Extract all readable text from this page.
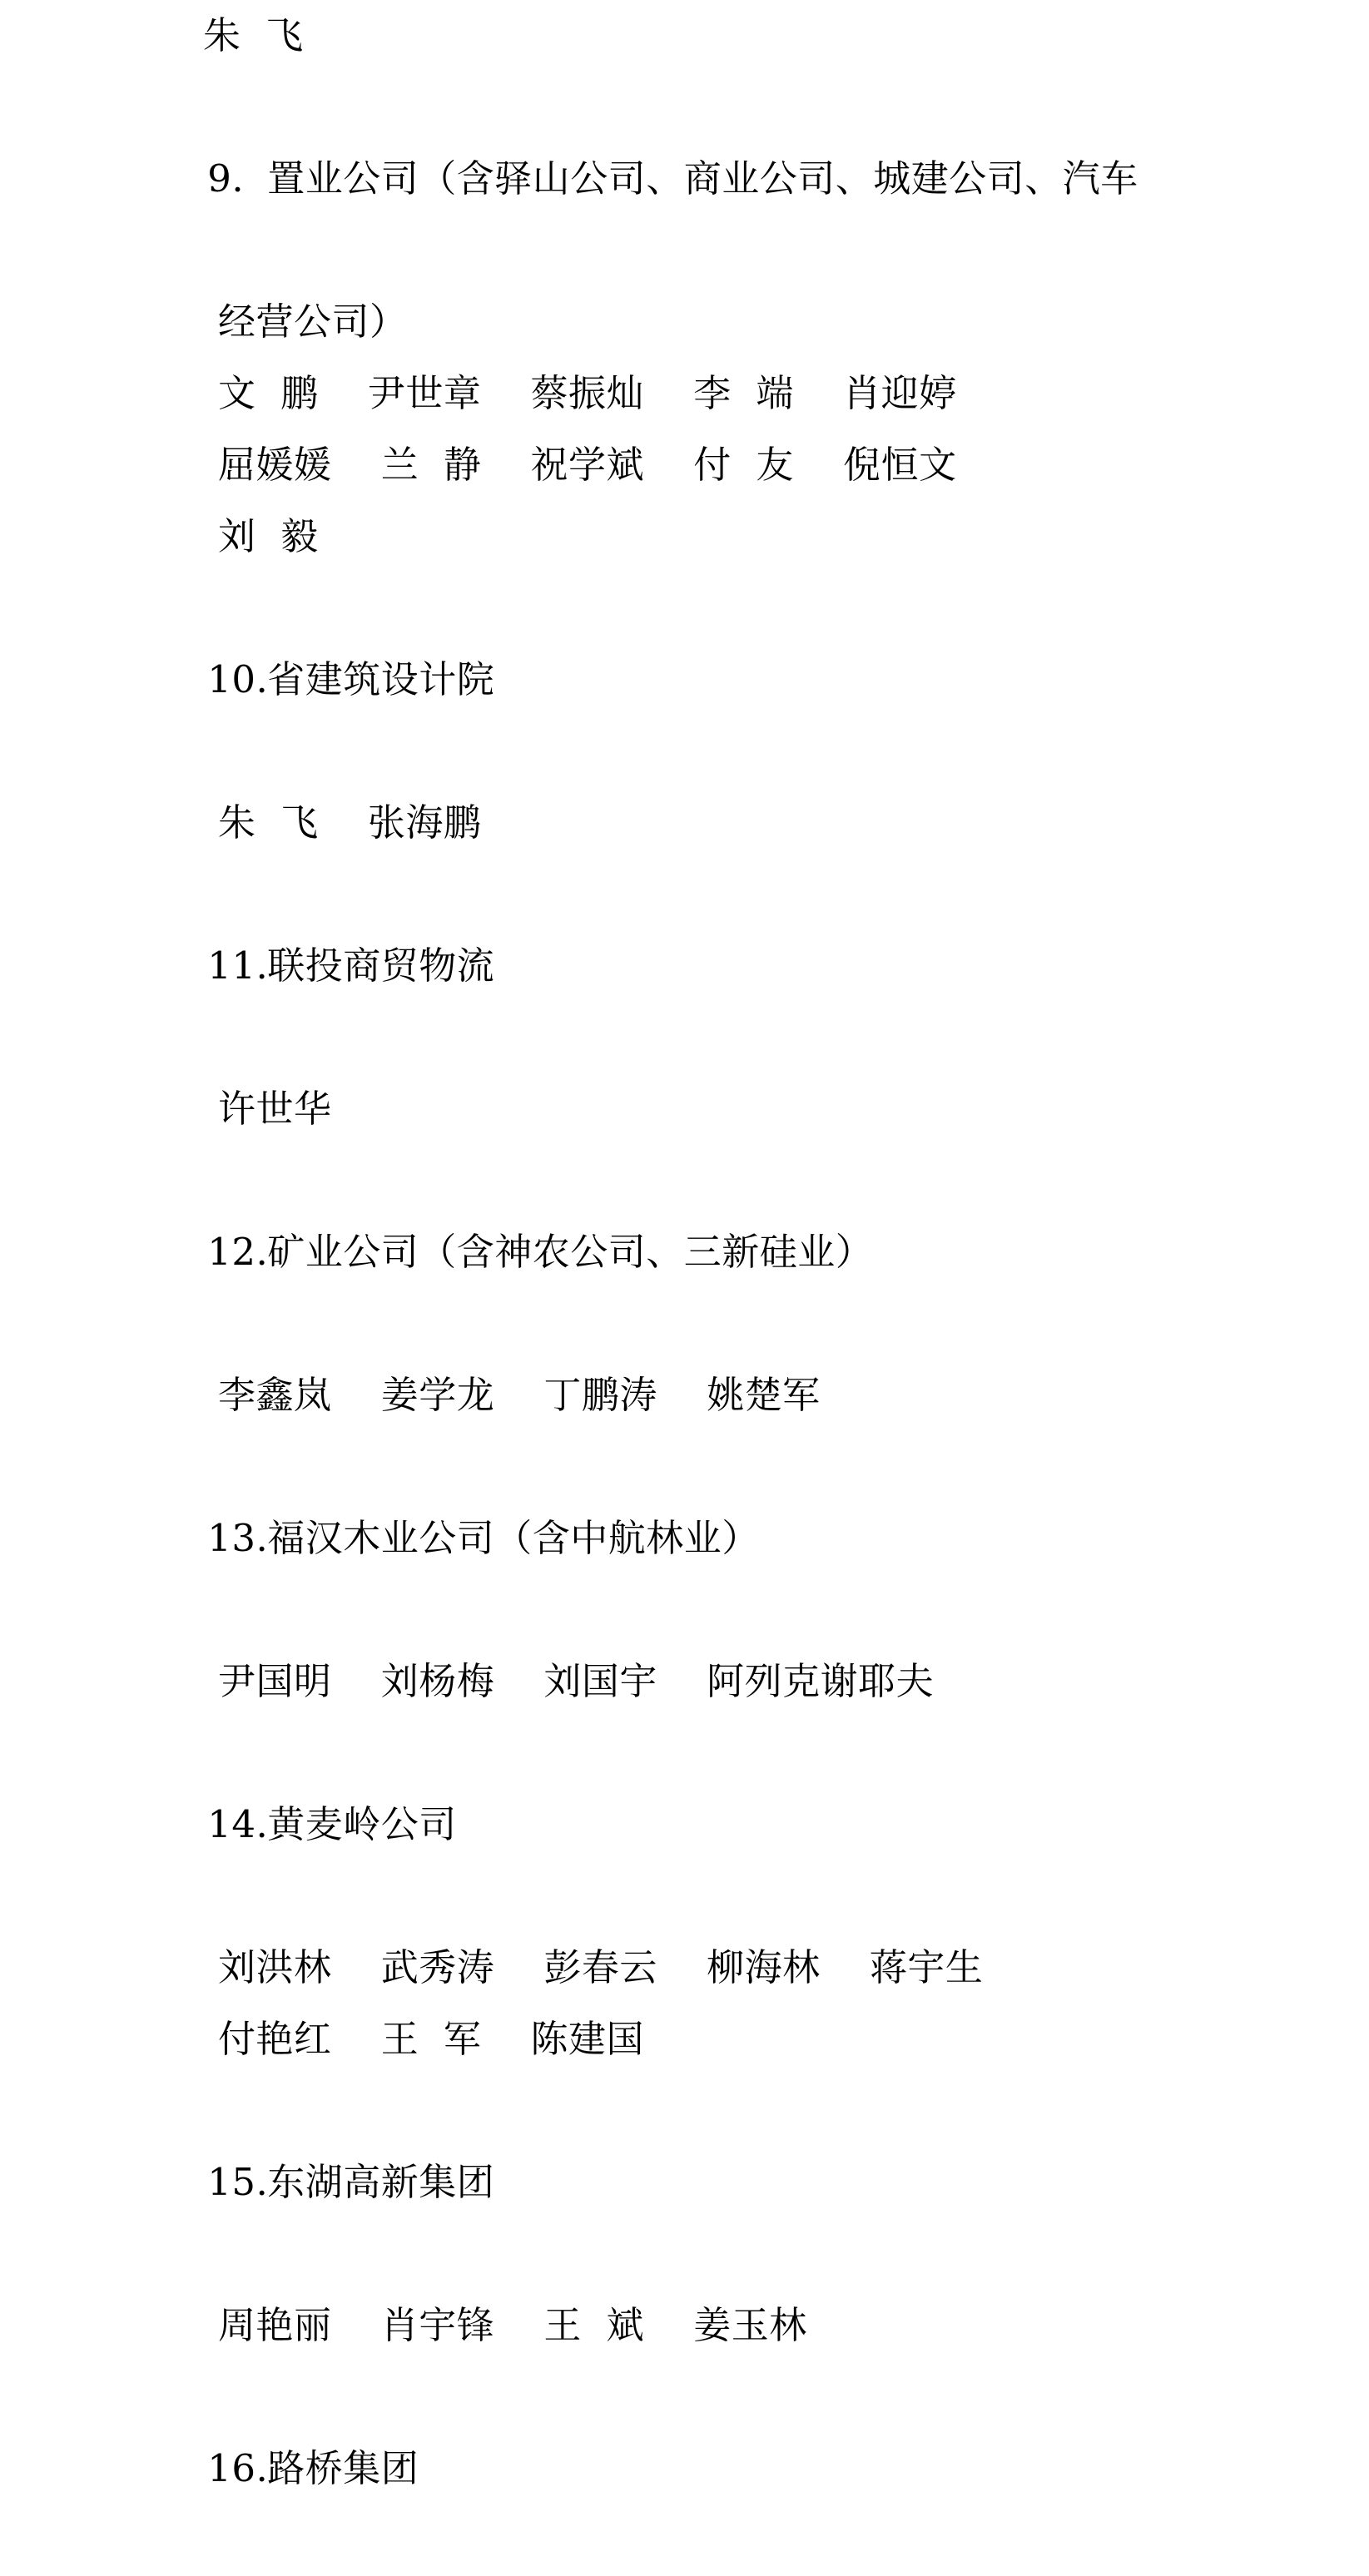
朱  飞

9. 置业公司（含驿山公司、商业公司、城建公司、汽车

经营公司）
文  鹏    尹世章    蔡振灿    李  端    肖迎婷
屈媛媛    兰  静    祝学斌    付  友    倪恒文
刘  毅

10.省建筑设计院

朱  飞    张海鹏

11.联投商贸物流

许世华

12.矿业公司（含神农公司、三新硅业）

李鑫岚    姜学龙    丁鹏涛    姚楚军

13.福汉木业公司（含中航林业）

尹国明    刘杨梅    刘国宇    阿列克谢耶夫

14.黄麦岭公司

刘洪林    武秀涛    彭春云    柳海林    蒋宇生
付艳红    王  军    陈建国

15.东湖高新集团

周艳丽    肖宇锋    王  斌    姜玉林

16.路桥集团
